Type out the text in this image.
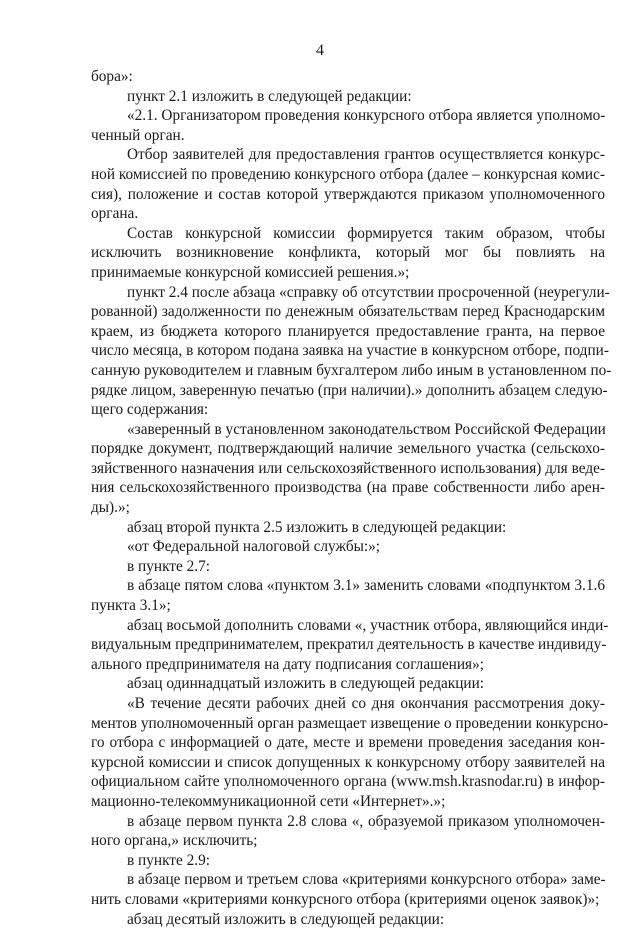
4
бора»:
пункт 2.1 изложить в следующей редакции:
«2.1. Организатором проведения конкурсного отбора является уполномо-
ченный орган.
Отбор заявителей для предоставления грантов осуществляется конкурс-
ной комиссией по проведению конкурсного отбора (далее – конкурсная комис-
сия), положение и состав которой утверждаются приказом уполномоченного
органа.
Состав конкурсной комиссии формируется таким образом, чтобы
исключить возникновение конфликта, который мог бы повлиять на
принимаемые конкурсной комиссией решения.»;
пункт 2.4 после абзаца «справку об отсутствии просроченной (неурегули-
рованной) задолженности по денежным обязательствам перед Краснодарским
краем, из бюджета которого планируется предоставление гранта, на первое
число месяца, в котором подана заявка на участие в конкурсном отборе, подпи-
санную руководителем и главным бухгалтером либо иным в установленном по-
рядке лицом, заверенную печатью (при наличии).» дополнить абзацем следую-
щего содержания:
«заверенный в установленном законодательством Российской Федерации
порядке документ, подтверждающий наличие земельного участка (сельскохо-
зяйственного назначения или сельскохозяйственного использования) для веде-
ния сельскохозяйственного производства (на праве собственности либо арен-
ды).»;
абзац второй пункта 2.5 изложить в следующей редакции:
«от Федеральной налоговой службы:»;
в пункте 2.7:
в абзаце пятом слова «пунктом 3.1» заменить словами «подпунктом 3.1.6
пункта 3.1»;
абзац восьмой дополнить словами «, участник отбора, являющийся инди-
видуальным предпринимателем, прекратил деятельность в качестве индивиду-
ального предпринимателя на дату подписания соглашения»;
абзац одиннадцатый изложить в следующей редакции:
«В течение десяти рабочих дней со дня окончания рассмотрения доку-
ментов уполномоченный орган размещает извещение о проведении конкурсно-
го отбора с информацией о дате, месте и времени проведения заседания кон-
курсной комиссии и список допущенных к конкурсному отбору заявителей на
официальном сайте уполномоченного органа (www.msh.krasnodar.ru) в инфор-
мационно-телекоммуникационной сети «Интернет».»;
в абзаце первом пункта 2.8 слова «, образуемой приказом уполномочен-
ного органа,» исключить;
в пункте 2.9:
в абзаце первом и третьем слова «критериями конкурсного отбора» заме-
нить словами «критериями конкурсного отбора (критериями оценок заявок)»;
абзац десятый изложить в следующей редакции:
